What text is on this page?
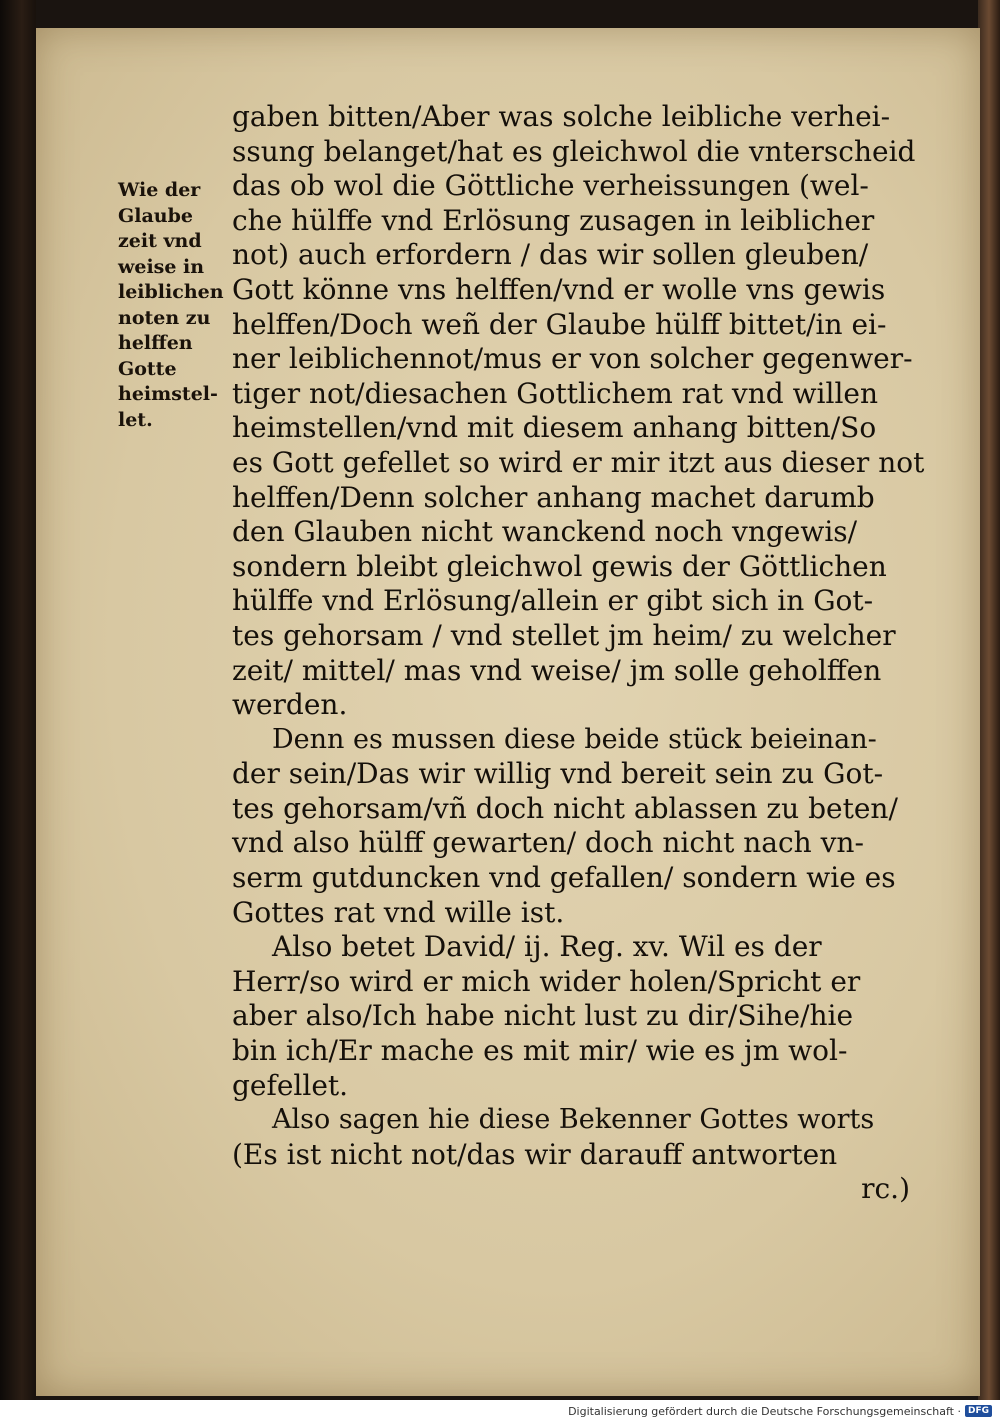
Wie der
Glaube
zeit vnd
weise in
leiblichen
noten zu
helffen
Gotte
heimstel-
let.
gaben bitten/Aber was solche leibliche verhei-
ssung belanget/hat es gleichwol die vnterscheid
das ob wol die Göttliche verheissungen (wel-
che hülffe vnd Erlösung zusagen in leiblicher
not) auch erfordern / das wir sollen gleuben/
Gott könne vns helffen/vnd er wolle vns gewis
helffen/Doch weñ der Glaube hülff bittet/in ei-
ner leiblichennot/mus er von solcher gegenwer-
tiger not/diesachen Gottlichem rat vnd willen
heimstellen/vnd mit diesem anhang bitten/So
es Gott gefellet so wird er mir itzt aus dieser not
helffen/Denn solcher anhang machet darumb
den Glauben nicht wanckend noch vngewis/
sondern bleibt gleichwol gewis der Göttlichen
hülffe vnd Erlösung/allein er gibt sich in Got-
tes gehorsam / vnd stellet jm heim/ zu welcher
zeit/ mittel/ mas vnd weise/ jm solle geholffen
werden.
Denn es mussen diese beide stück beieinan-
der sein/Das wir willig vnd bereit sein zu Got-
tes gehorsam/vñ doch nicht ablassen zu beten/
vnd also hülff gewarten/ doch nicht nach vn-
serm gutduncken vnd gefallen/ sondern wie es
Gottes rat vnd wille ist.
Also betet David/ ij. Reg. xv. Wil es der
Herr/so wird er mich wider holen/Spricht er
aber also/Ich habe nicht lust zu dir/Sihe/hie
bin ich/Er mache es mit mir/ wie es jm wol-
gefellet.
Also sagen hie diese Bekenner Gottes worts
(Es ist nicht not/das wir darauff antworten
rc.)
Digitalisierung gefördert durch die Deutsche Forschungsgemeinschaft · DFG
